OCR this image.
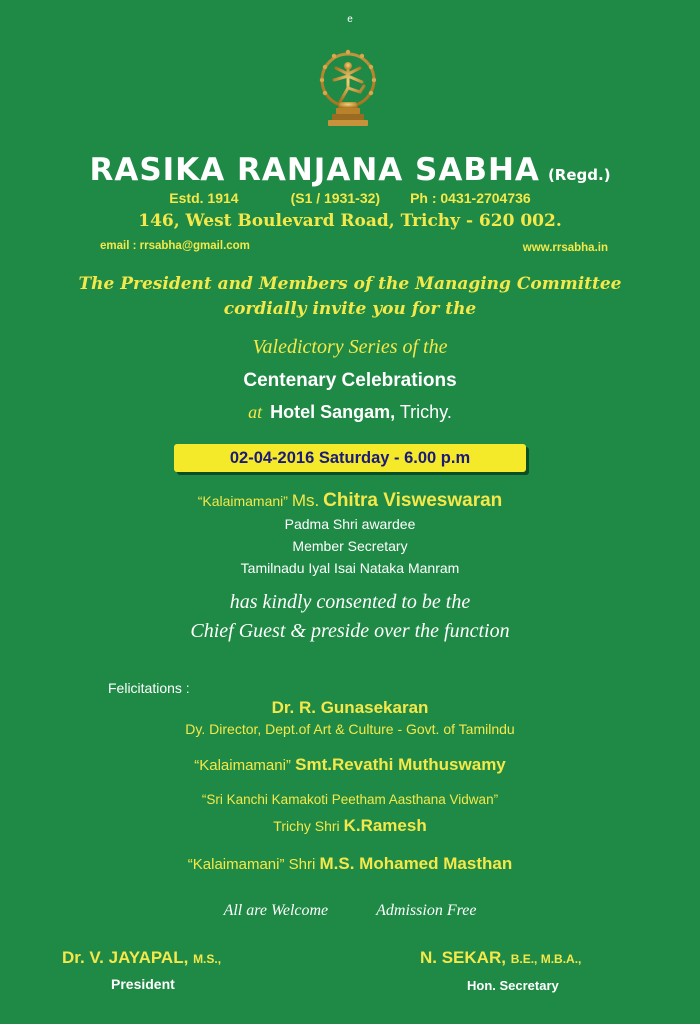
e
RASIKA RANJANA SABHA (Regd.)
Estd. 1914	(S1 / 1931-32) Ph : 0431-2704736
146, West Boulevard Road, Trichy - 620 002.
email : rrsabha@gmail.com	www.rrsabha.in
The President and Members of the Managing Committee
cordially invite you for the
Valedictory Series of the
Centenary Celebrations
at Hotel Sangam, Trichy.
02-04-2016 Saturday - 6.00 p.m
“Kalaimamani” Ms. Chitra Visweswaran
Padma Shri awardee
Member Secretary
Tamilnadu Iyal Isai Nataka Manram
has kindly consented to be the
Chief Guest & preside over the function
Felicitations :
Dr. R. Gunasekaran
Dy. Director, Dept.of Art & Culture - Govt. of Tamilndu
“Kalaimamani” Smt.Revathi Muthuswamy
“Sri Kanchi Kamakoti Peetham Aasthana Vidwan”
Trichy Shri K.Ramesh
“Kalaimamani” Shri M.S. Mohamed Masthan
All are Welcome	Admission Free
Dr. V. JAYAPAL, M.S.,
President
N. SEKAR, B.E., M.B.A.,
Hon. Secretary
